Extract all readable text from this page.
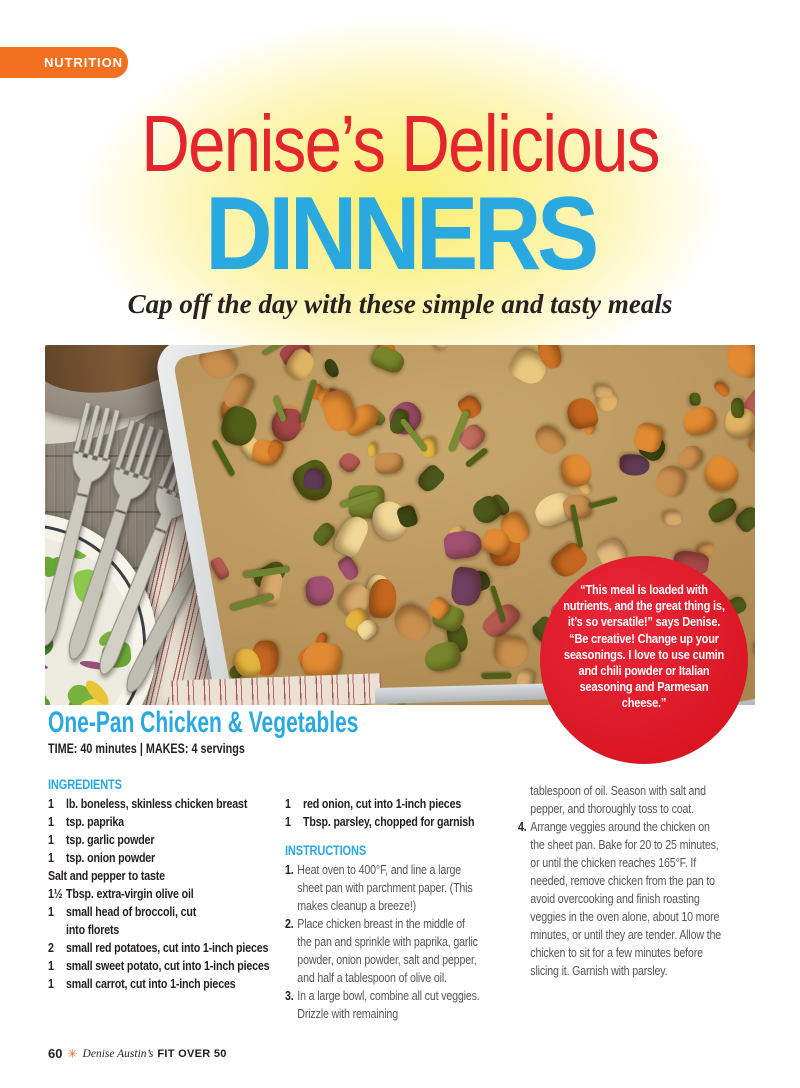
NUTRITION
Denise’s Delicious
DINNERS
Cap off the day with these simple and tasty meals

“This meal is loaded with nutrients, and the great thing is, it’s so versatile!” says Denise. “Be creative! Change up your seasonings. I love to use cumin and chili powder or Italian seasoning and Parmesan cheese.”

One-Pan Chicken & Vegetables
TIME: 40 minutes | MAKES: 4 servings
INGREDIENTS
1 lb. boneless, skinless chicken breast
1 tsp. paprika
1 tsp. garlic powder
1 tsp. onion powder
Salt and pepper to taste
1½ Tbsp. extra-virgin olive oil
1 small head of broccoli, cut into florets
2 small red potatoes, cut into 1-inch pieces
1 small sweet potato, cut into 1-inch pieces
1 small carrot, cut into 1-inch pieces
1 red onion, cut into 1-inch pieces
1 Tbsp. parsley, chopped for garnish
INSTRUCTIONS
1. Heat oven to 400°F, and line a large sheet pan with parchment paper. (This makes cleanup a breeze!)
2. Place chicken breast in the middle of the pan and sprinkle with paprika, garlic powder, onion powder, salt and pepper, and half a tablespoon of olive oil.
3. In a large bowl, combine all cut veggies. Drizzle with remaining
tablespoon of oil. Season with salt and pepper, and thoroughly toss to coat.
4. Arrange veggies around the chicken on the sheet pan. Bake for 20 to 25 minutes, or until the chicken reaches 165°F. If needed, remove chicken from the pan to avoid overcooking and finish roasting veggies in the oven alone, about 10 more minutes, or until they are tender. Allow the chicken to sit for a few minutes before slicing it. Garnish with parsley.
60 ✳ Denise Austin’s FIT OVER 50
